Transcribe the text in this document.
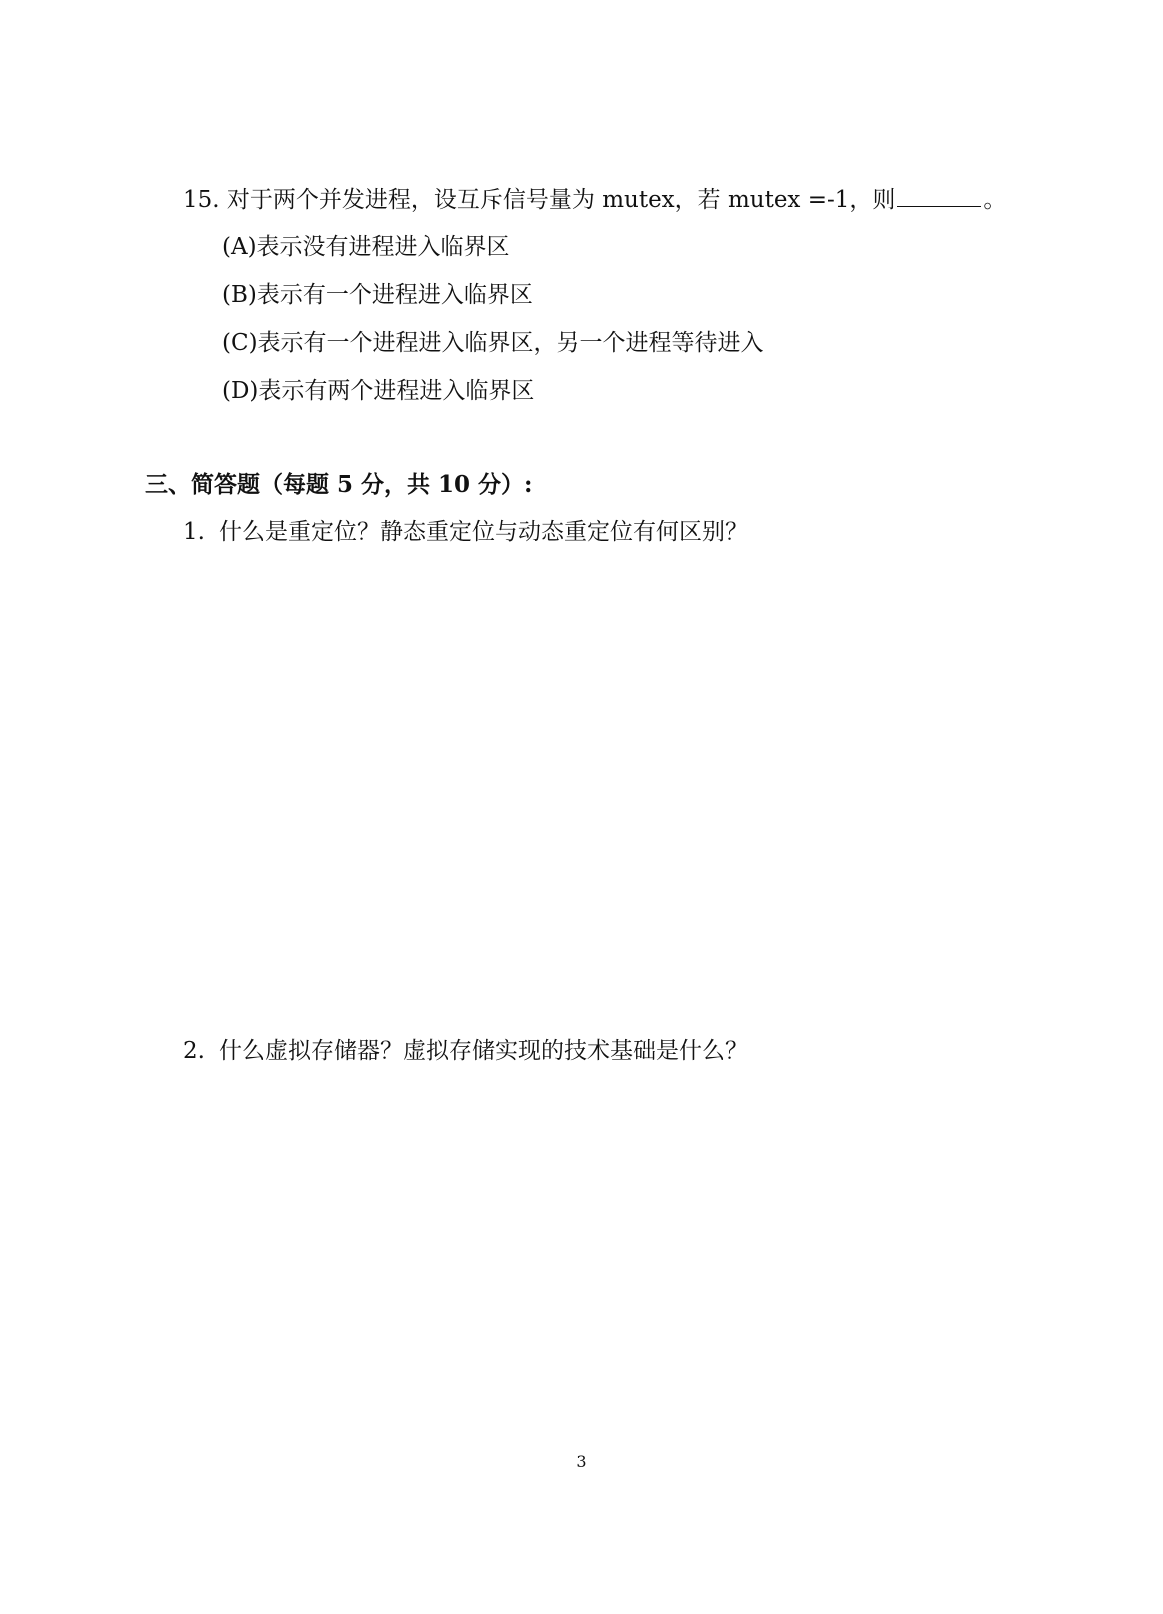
15. 对于两个并发进程，设互斥信号量为 mutex，若 mutex =-1，则	。
(A)表示没有进程进入临界区
(B)表示有一个进程进入临界区
(C)表示有一个进程进入临界区，另一个进程等待进入
(D)表示有两个进程进入临界区
三、简答题（每题 5 分，共 10 分）:
1. 什么是重定位？静态重定位与动态重定位有何区别？
2. 什么虚拟存储器？虚拟存储实现的技术基础是什么？
3
